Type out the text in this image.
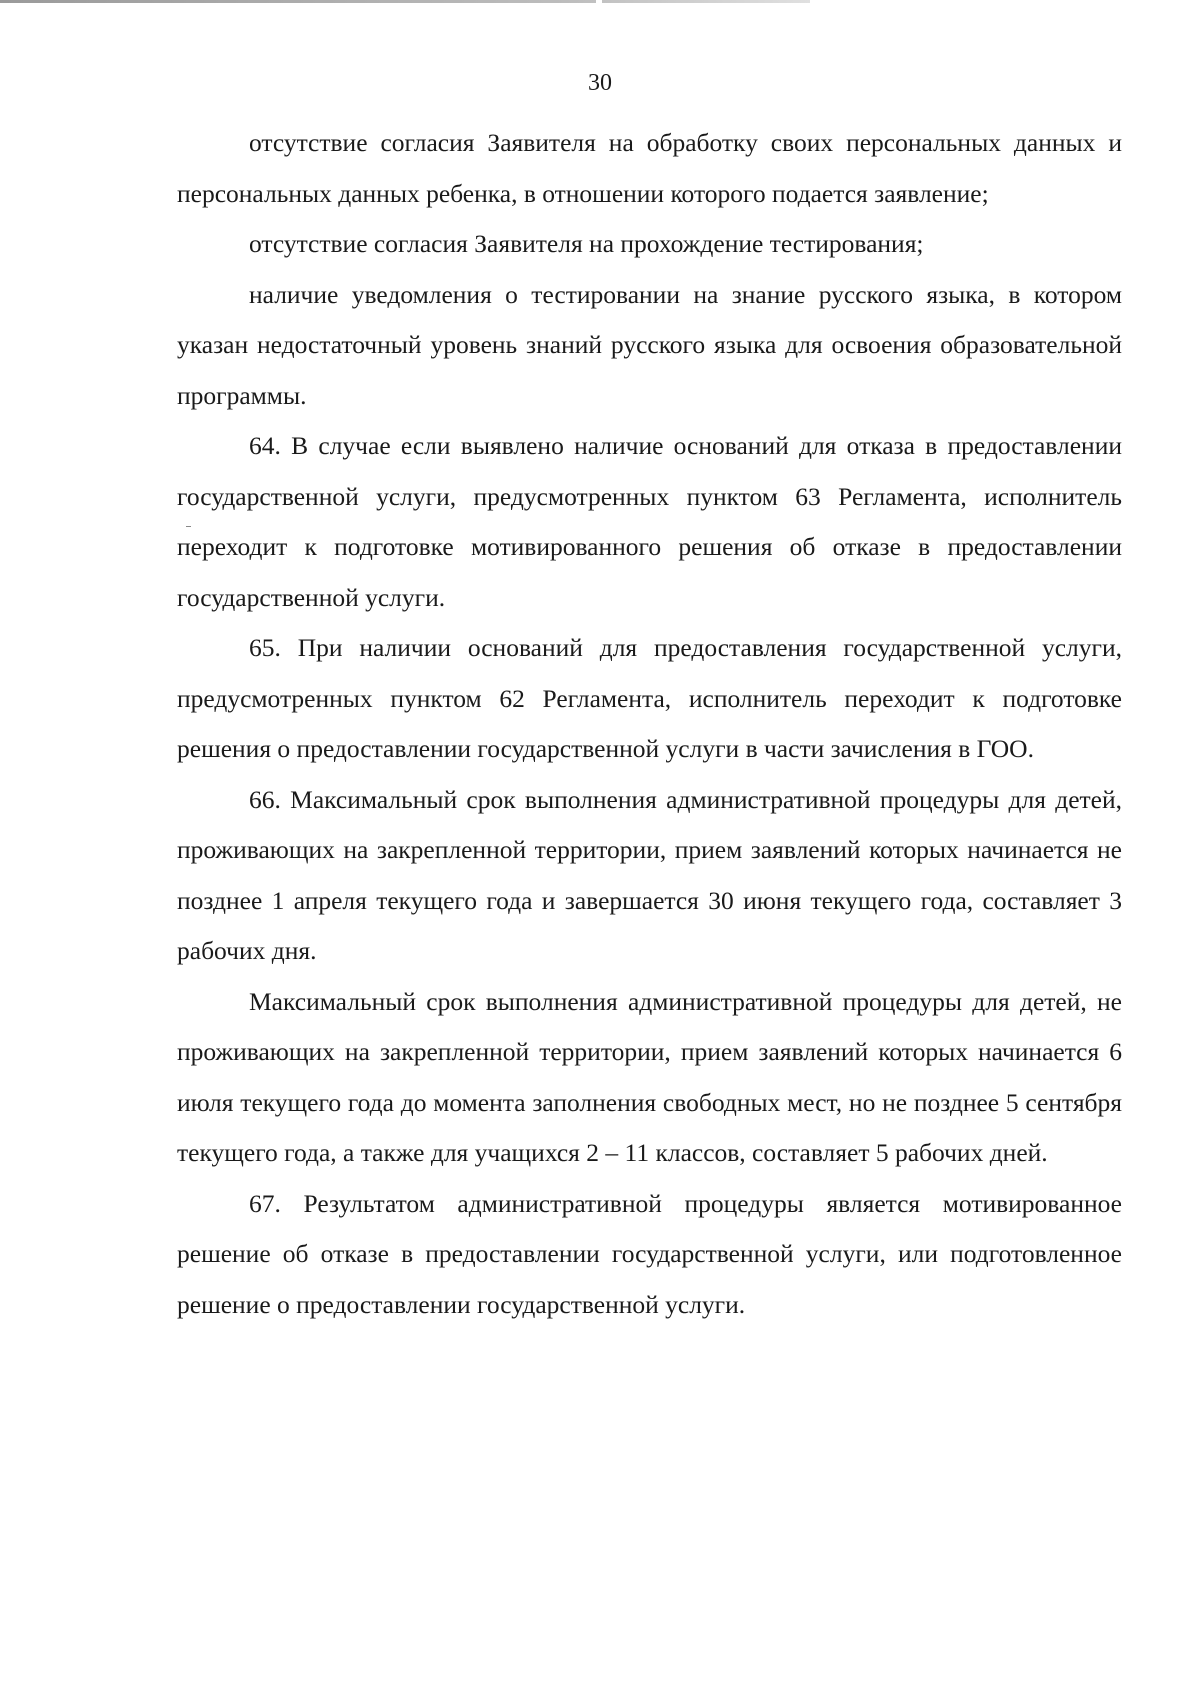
30

отсутствие согласия Заявителя на обработку своих персональных данных и персональных данных ребенка, в отношении которого подается заявление;

отсутствие согласия Заявителя на прохождение тестирования;

наличие уведомления о тестировании на знание русского языка, в котором указан недостаточный уровень знаний русского языка для освоения образовательной программы.

64. В случае если выявлено наличие оснований для отказа в предоставлении государственной услуги, предусмотренных пунктом 63 Регламента, исполнитель переходит к подготовке мотивированного решения об отказе в предоставлении государственной услуги.

65. При наличии оснований для предоставления государственной услуги, предусмотренных пунктом 62 Регламента, исполнитель переходит к подготовке решения о предоставлении государственной услуги в части зачисления в ГОО.

66. Максимальный срок выполнения административной процедуры для детей, проживающих на закрепленной территории, прием заявлений которых начинается не позднее 1 апреля текущего года и завершается 30 июня текущего года, составляет 3 рабочих дня.

Максимальный срок выполнения административной процедуры для детей, не проживающих на закрепленной территории, прием заявлений которых начинается 6 июля текущего года до момента заполнения свободных мест, но не позднее 5 сентября текущего года, а также для учащихся 2 – 11 классов, составляет 5 рабочих дней.

67. Результатом административной процедуры является мотивированное решение об отказе в предоставлении государственной услуги, или подготовленное решение о предоставлении государственной услуги.
